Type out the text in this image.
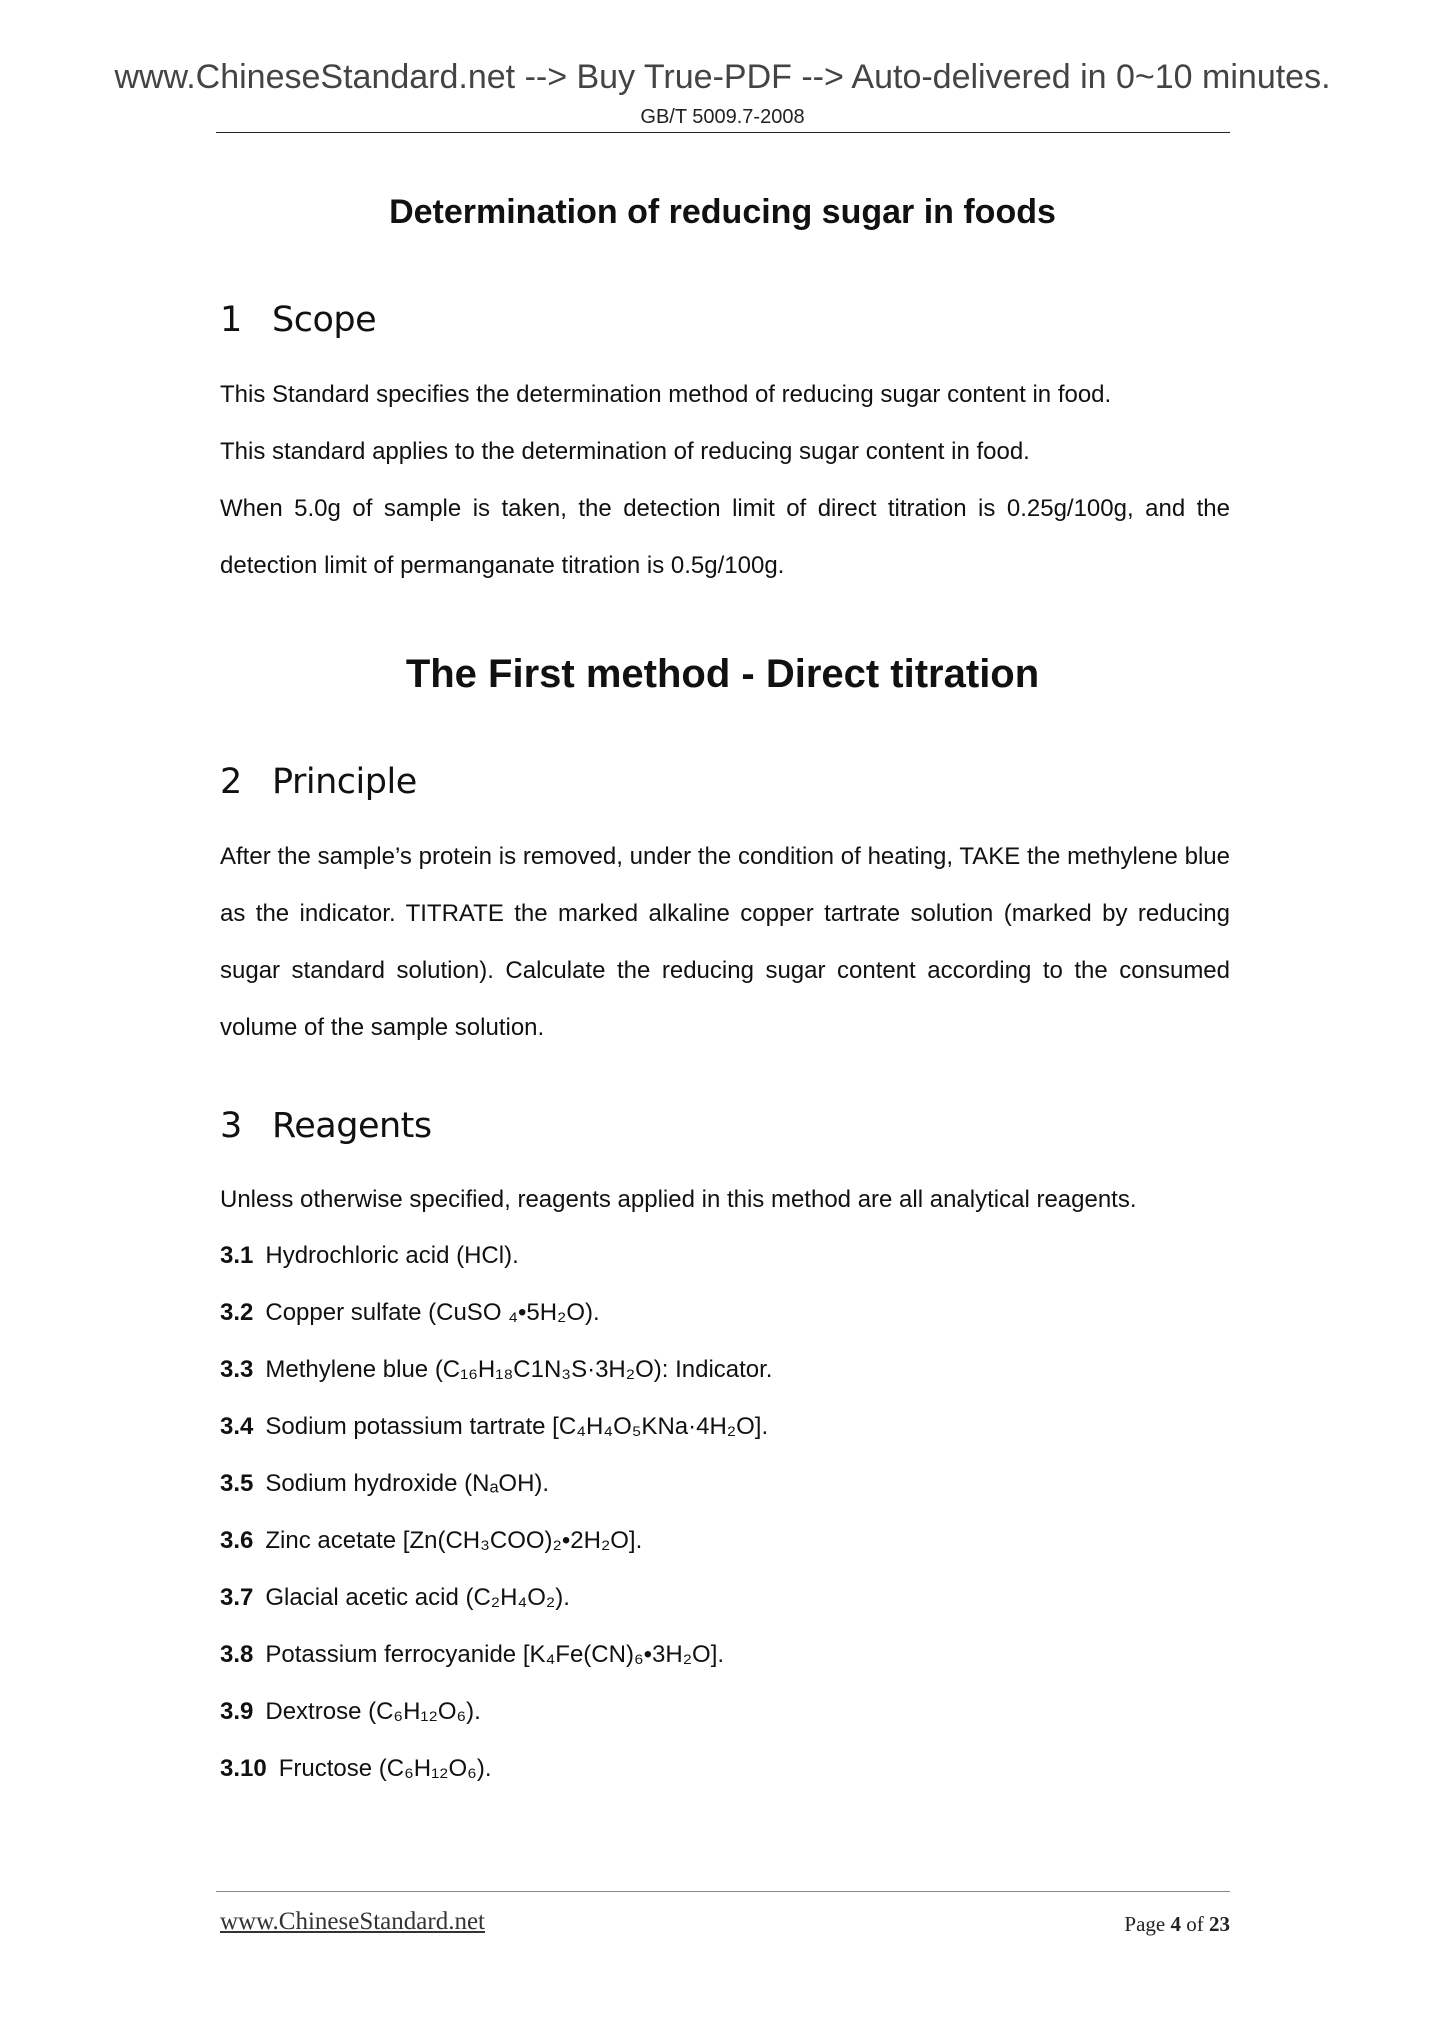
www.ChineseStandard.net --> Buy True-PDF --> Auto-delivered in 0~10 minutes.
GB/T 5009.7-2008
Determination of reducing sugar in foods
1 Scope
This Standard specifies the determination method of reducing sugar content in food.
This standard applies to the determination of reducing sugar content in food.
When 5.0g of sample is taken, the detection limit of direct titration is 0.25g/100g, and the detection limit of permanganate titration is 0.5g/100g.
The First method - Direct titration
2 Principle
After the sample’s protein is removed, under the condition of heating, TAKE the methylene blue as the indicator. TITRATE the marked alkaline copper tartrate solution (marked by reducing sugar standard solution). Calculate the reducing sugar content according to the consumed volume of the sample solution.
3 Reagents
Unless otherwise specified, reagents applied in this method are all analytical reagents.
3.1 Hydrochloric acid (HCl).
3.2 Copper sulfate (CuSO ₄•5H₂O).
3.3 Methylene blue (C₁₆H₁₈C1N₃S·3H₂O): Indicator.
3.4 Sodium potassium tartrate [C₄H₄O₅KNa·4H₂O].
3.5 Sodium hydroxide (NₐOH).
3.6 Zinc acetate [Zn(CH₃COO)₂•2H₂O].
3.7 Glacial acetic acid (C₂H₄O₂).
3.8 Potassium ferrocyanide [K₄Fe(CN)₆•3H₂O].
3.9 Dextrose (C₆H₁₂O₆).
3.10 Fructose (C₆H₁₂O₆).
www.ChineseStandard.net	Page 4 of 23
